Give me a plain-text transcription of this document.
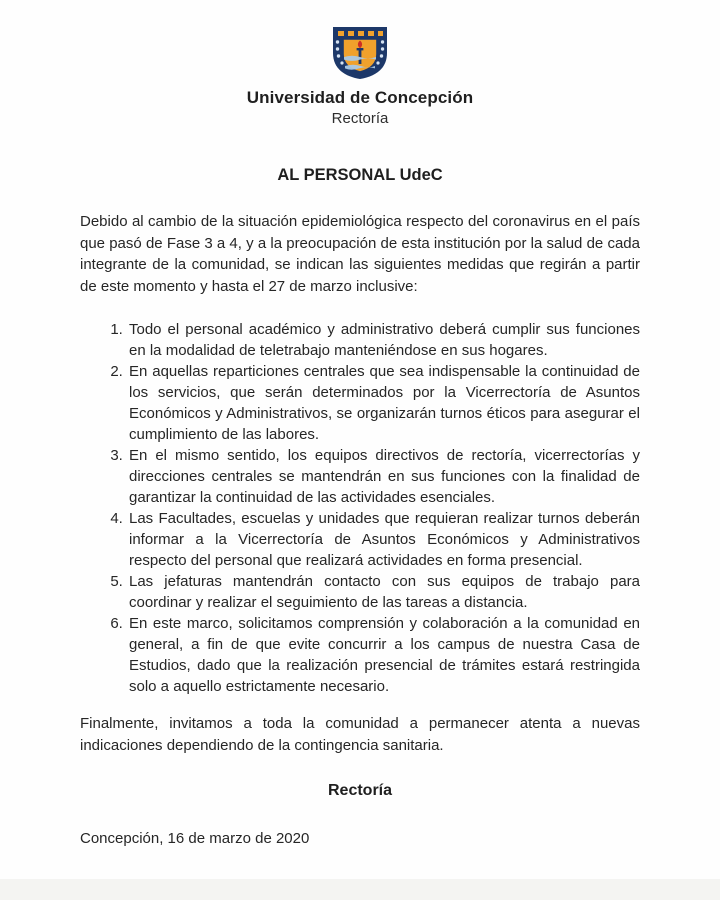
Universidad de Concepción
Rectoría
AL PERSONAL UdeC

Debido al cambio de la situación epidemiológica respecto del coronavirus en el país que pasó de Fase 3 a 4, y a la preocupación de esta institución por la salud de cada integrante de la comunidad, se indican las siguientes medidas que regirán a partir de este momento y hasta el 27 de marzo inclusive:

1. Todo el personal académico y administrativo deberá cumplir sus funciones en la modalidad de teletrabajo manteniéndose en sus hogares.
2. En aquellas reparticiones centrales que sea indispensable la continuidad de los servicios, que serán determinados por la Vicerrectoría de Asuntos Económicos y Administrativos, se organizarán turnos éticos para asegurar el cumplimiento de las labores.
3. En el mismo sentido, los equipos directivos de rectoría, vicerrectorías y direcciones centrales se mantendrán en sus funciones con la finalidad de garantizar la continuidad de las actividades esenciales.
4. Las Facultades, escuelas y unidades que requieran realizar turnos deberán informar a la Vicerrectoría de Asuntos Económicos y Administrativos respecto del personal que realizará actividades en forma presencial.
5. Las jefaturas mantendrán contacto con sus equipos de trabajo para coordinar y realizar el seguimiento de las tareas a distancia.
6. En este marco, solicitamos comprensión y colaboración a la comunidad en general, a fin de que evite concurrir a los campus de nuestra Casa de Estudios, dado que la realización presencial de trámites estará restringida solo a aquello estrictamente necesario.

Finalmente, invitamos a toda la comunidad a permanecer atenta a nuevas indicaciones dependiendo de la contingencia sanitaria.

Rectoría
Concepción, 16 de marzo de 2020
